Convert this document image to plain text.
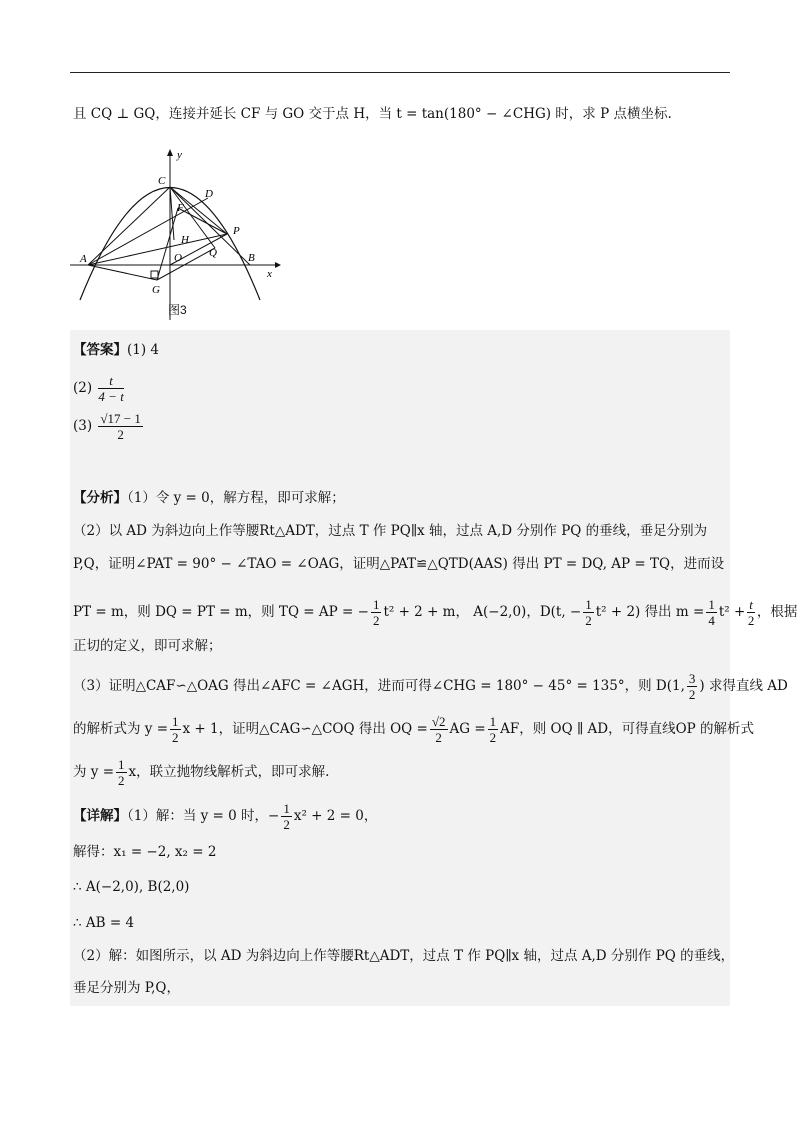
且 CQ ⊥ GQ，连接并延长 CF 与 GO 交于点 H，当 t = tan(180° − ∠CHG) 时，求 P 点横坐标.
y
x
C
D
F
P
H
O Q
A	B
G
图3
【答案】(1) 4
$(2) \frac{t}{4 - t}$
$(3) \frac{√17 - 1}{2}$
【分析】（1）令 y = 0，解方程，即可求解；
（2）以 AD 为斜边向上作等腰Rt△ADT，过点 T 作 PQ∥x 轴，过点 A,D 分别作 PQ 的垂线，垂足分别为
P,Q，证明∠PAT = 90° − ∠TAO = ∠OAG，证明△PAT≌△QTD(AAS) 得出 PT = DQ, AP = TQ，进而设
PT = m，则 DQ = PT = m，则 TQ = AP = − $\frac{1}{2} t^2 + 2 + m$， A(−2,0)，D(t, − $\frac{1}{2} t^2 + 2$) 得出 $m = \frac{1}{4} t^2 + \frac{t}{2}$ ，根据
正切的定义，即可求解；
（3）证明△CAF∽△OAG 得出∠AFC = ∠AGH，进而可得∠CHG = 180° − 45° = 135°，则 D(1, $\frac{3}{2}$ ) 求得直线 AD
的解析式为 $y = \frac{1}{2}$ x + 1，证明△CAG∽△COQ 得出 OQ = $\frac{√2}{2}$ AG = $\frac{1}{2}$ AF，则 OQ ∥ AD，可得直线OP 的解析式
为 $y = \frac{1}{2}$ x，联立抛物线解析式，即可求解.
【详解】（1）解：当 y = 0 时，− $\frac{1}{2} x^2 + 2 = 0$，
解得：x₁ = −2, x₂ = 2
∴ A(−2,0), B(2,0)
∴ AB = 4
（2）解：如图所示，以 AD 为斜边向上作等腰Rt△ADT，过点 T 作 PQ∥x 轴，过点 A,D 分别作 PQ 的垂线，
垂足分别为 P,Q，
